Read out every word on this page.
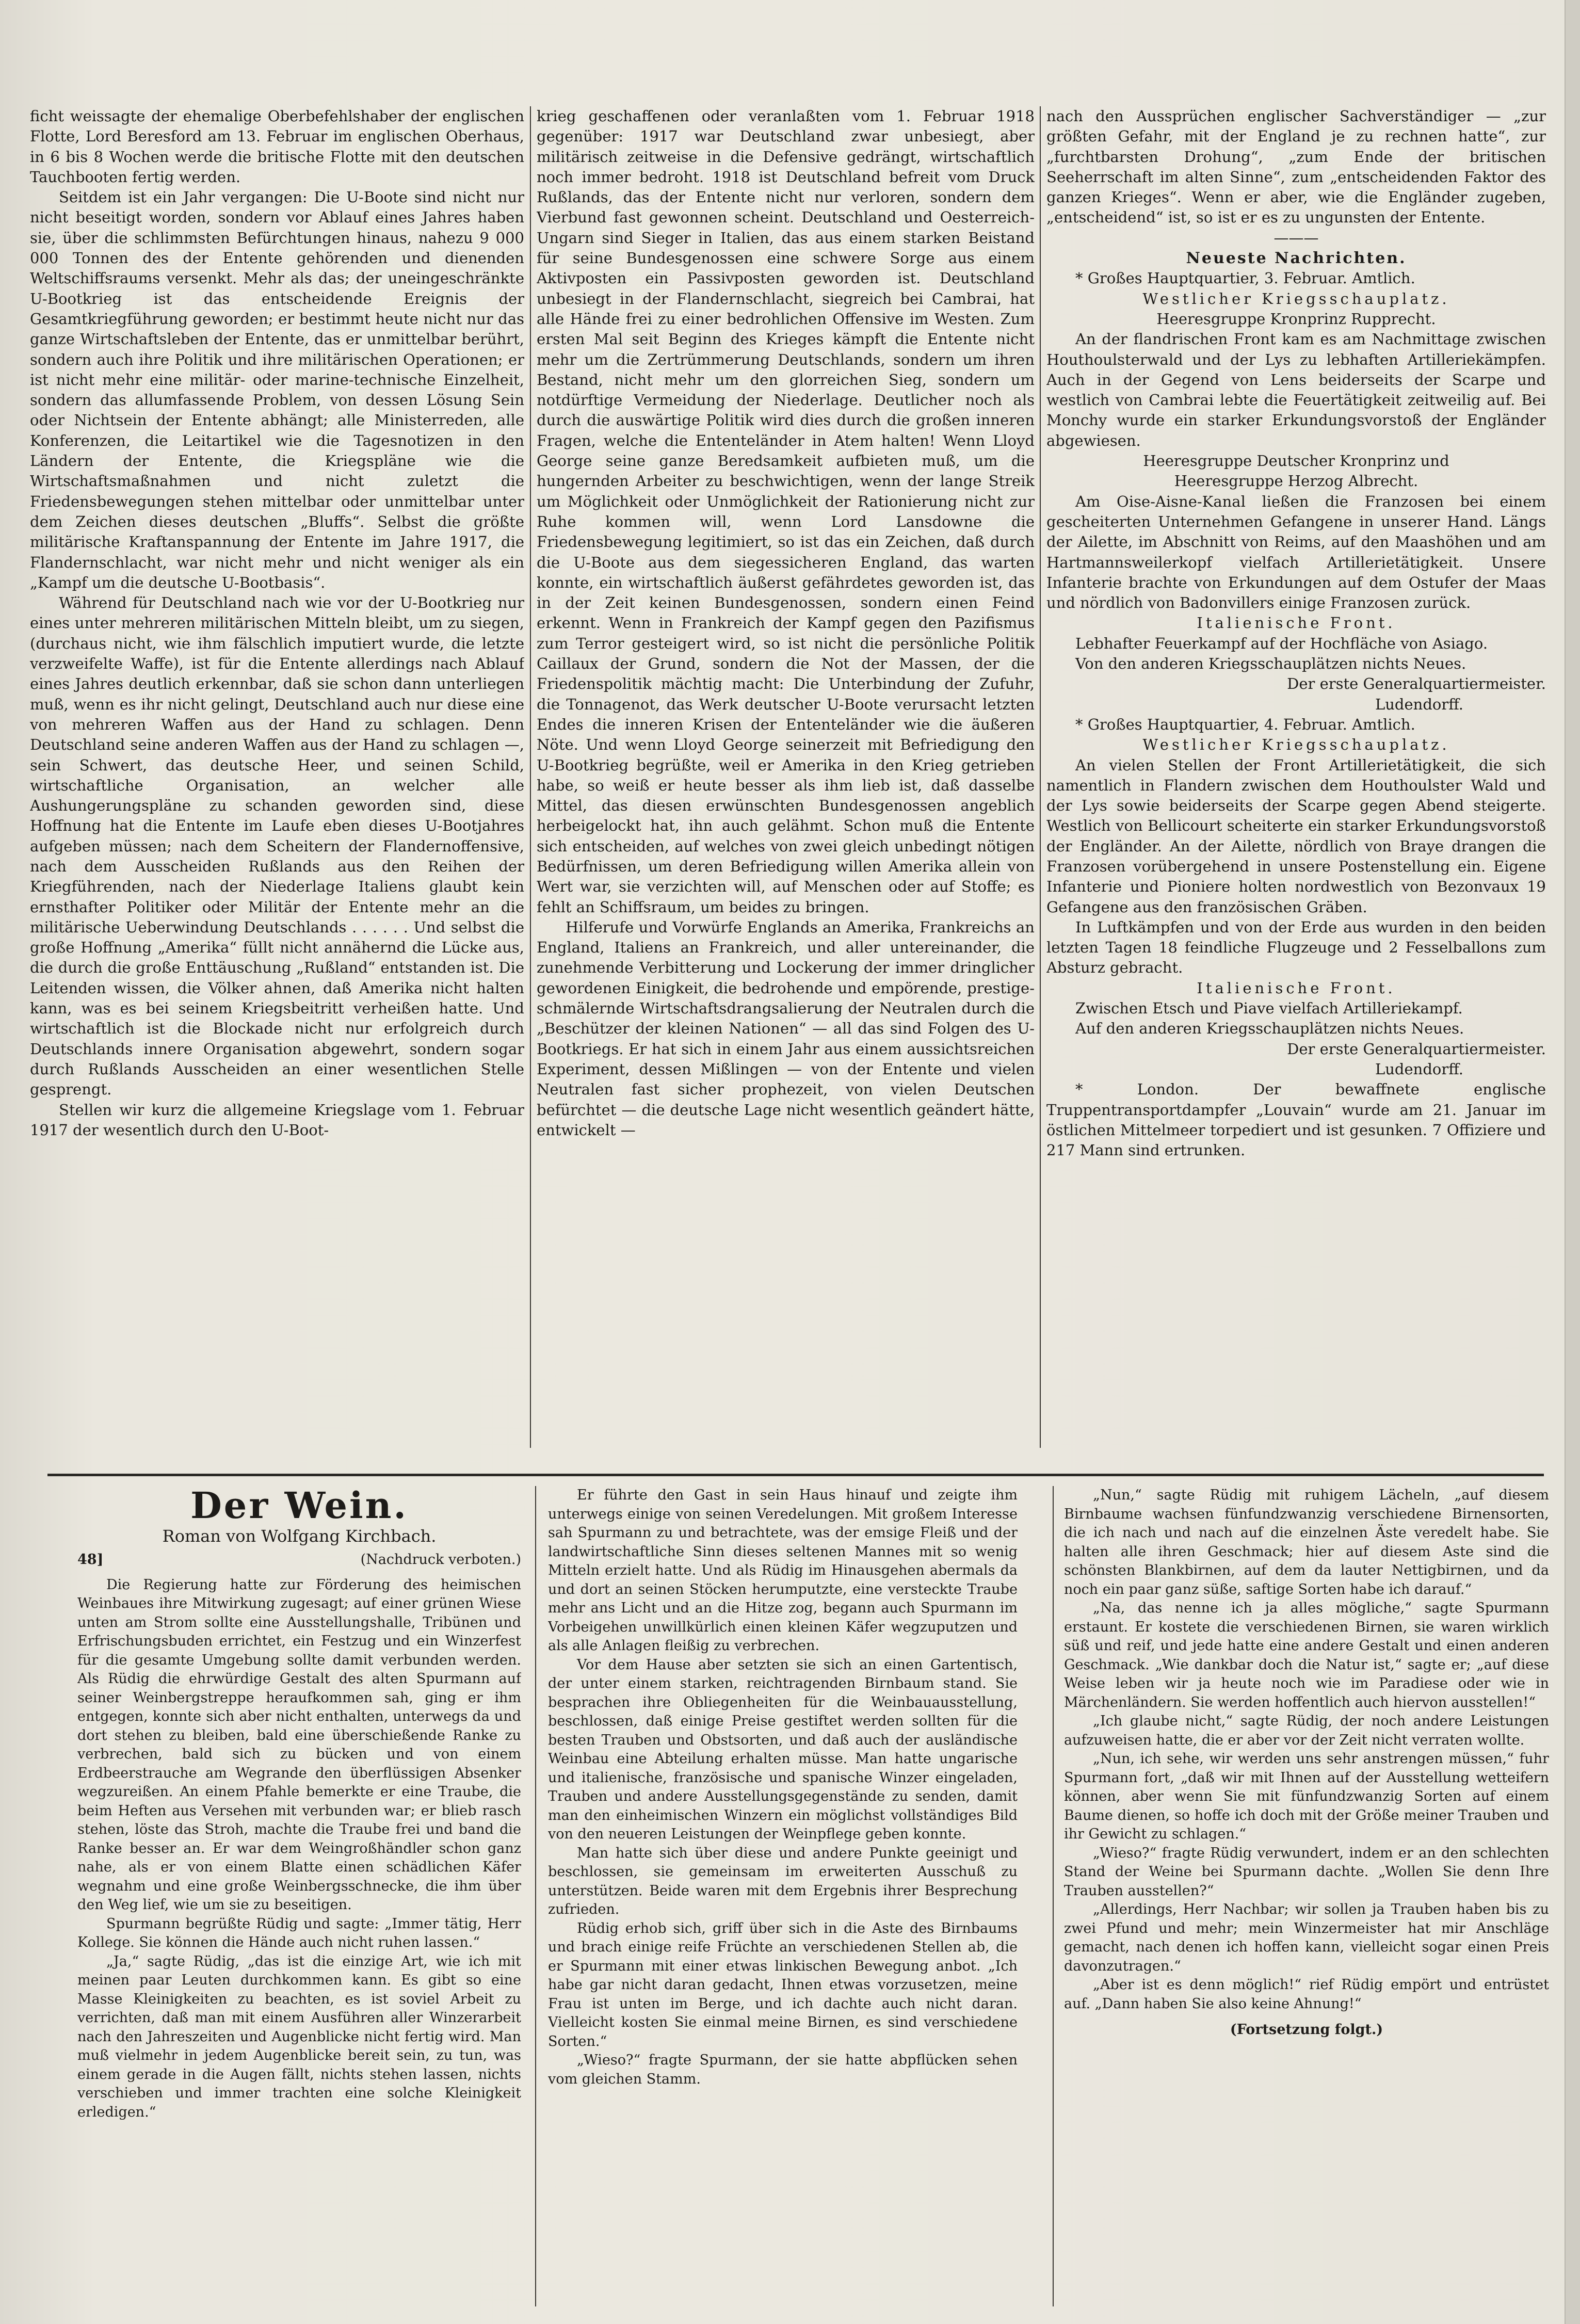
ficht weissagte der ehemalige Oberbefehlshaber der englischen Flotte, Lord Beresford am 13. Februar im englischen Oberhaus, in 6 bis 8 Wochen werde die britische Flotte mit den deutschen Tauchbooten fertig werden.

Seitdem ist ein Jahr vergangen: Die U-Boote sind nicht nur nicht beseitigt worden, sondern vor Ablauf eines Jahres haben sie, über die schlimmsten Befürchtungen hinaus, nahezu 9 000 000 Tonnen des der Entente gehörenden und dienenden Weltschiffsraums versenkt. Mehr als das; der uneingeschränkte U-Bootkrieg ist das entscheidende Ereignis der Gesamtkriegführung geworden; er bestimmt heute nicht nur das ganze Wirtschaftsleben der Entente, das er unmittelbar berührt, sondern auch ihre Politik und ihre militärischen Operationen; er ist nicht mehr eine militär- oder marine-technische Einzelheit, sondern das allumfassende Problem, von dessen Lösung Sein oder Nichtsein der Entente abhängt; alle Ministerreden, alle Konferenzen, die Leitartikel wie die Tagesnotizen in den Ländern der Entente, die Kriegspläne wie die Wirtschaftsmaßnahmen und nicht zuletzt die Friedensbewegungen stehen mittelbar oder unmittelbar unter dem Zeichen dieses deutschen „Bluffs“. Selbst die größte militärische Kraftanspannung der Entente im Jahre 1917, die Flandernschlacht, war nicht mehr und nicht weniger als ein „Kampf um die deutsche U-Bootbasis“.

Während für Deutschland nach wie vor der U-Bootkrieg nur eines unter mehreren militärischen Mitteln bleibt, um zu siegen, (durchaus nicht, wie ihm fälschlich imputiert wurde, die letzte verzweifelte Waffe), ist für die Entente allerdings nach Ablauf eines Jahres deutlich erkennbar, daß sie schon dann unterliegen muß, wenn es ihr nicht gelingt, Deutschland auch nur diese eine von mehreren Waffen aus der Hand zu schlagen. Denn Deutschland seine anderen Waffen aus der Hand zu schlagen —, sein Schwert, das deutsche Heer, und seinen Schild, wirtschaftliche Organisation, an welcher alle Aushungerungspläne zu schanden geworden sind, diese Hoffnung hat die Entente im Laufe eben dieses U-Bootjahres aufgeben müssen; nach dem Scheitern der Flandernoffensive, nach dem Ausscheiden Rußlands aus den Reihen der Kriegführenden, nach der Niederlage Italiens glaubt kein ernsthafter Politiker oder Militär der Entente mehr an die militärische Ueberwindung Deutschlands . . . . . . Und selbst die große Hoffnung „Amerika“ füllt nicht annähernd die Lücke aus, die durch die große Enttäuschung „Rußland“ entstanden ist. Die Leitenden wissen, die Völker ahnen, daß Amerika nicht halten kann, was es bei seinem Kriegsbeitritt verheißen hatte. Und wirtschaftlich ist die Blockade nicht nur erfolgreich durch Deutschlands innere Organisation abgewehrt, sondern sogar durch Rußlands Ausscheiden an einer wesentlichen Stelle gesprengt.

Stellen wir kurz die allgemeine Kriegslage vom 1. Februar 1917 der wesentlich durch den U-Boot-

krieg geschaffenen oder veranlaßten vom 1. Februar 1918 gegenüber: 1917 war Deutschland zwar unbesiegt, aber militärisch zeitweise in die Defensive gedrängt, wirtschaftlich noch immer bedroht. 1918 ist Deutschland befreit vom Druck Rußlands, das der Entente nicht nur verloren, sondern dem Vierbund fast gewonnen scheint. Deutschland und Oesterreich-Ungarn sind Sieger in Italien, das aus einem starken Beistand für seine Bundesgenossen eine schwere Sorge aus einem Aktivposten ein Passivposten geworden ist. Deutschland unbesiegt in der Flandernschlacht, siegreich bei Cambrai, hat alle Hände frei zu einer bedrohlichen Offensive im Westen. Zum ersten Mal seit Beginn des Krieges kämpft die Entente nicht mehr um die Zertrümmerung Deutschlands, sondern um ihren Bestand, nicht mehr um den glorreichen Sieg, sondern um notdürftige Vermeidung der Niederlage. Deutlicher noch als durch die auswärtige Politik wird dies durch die großen inneren Fragen, welche die Ententeländer in Atem halten! Wenn Lloyd George seine ganze Beredsamkeit aufbieten muß, um die hungernden Arbeiter zu beschwichtigen, wenn der lange Streik um Möglichkeit oder Unmöglichkeit der Rationierung nicht zur Ruhe kommen will, wenn Lord Lansdowne die Friedensbewegung legitimiert, so ist das ein Zeichen, daß durch die U-Boote aus dem siegessicheren England, das warten konnte, ein wirtschaftlich äußerst gefährdetes geworden ist, das in der Zeit keinen Bundesgenossen, sondern einen Feind erkennt. Wenn in Frankreich der Kampf gegen den Pazifismus zum Terror gesteigert wird, so ist nicht die persönliche Politik Caillaux der Grund, sondern die Not der Massen, der die Friedenspolitik mächtig macht: Die Unterbindung der Zufuhr, die Tonnagenot, das Werk deutscher U-Boote verursacht letzten Endes die inneren Krisen der Ententeländer wie die äußeren Nöte. Und wenn Lloyd George seinerzeit mit Befriedigung den U-Bootkrieg begrüßte, weil er Amerika in den Krieg getrieben habe, so weiß er heute besser als ihm lieb ist, daß dasselbe Mittel, das diesen erwünschten Bundesgenossen angeblich herbeigelockt hat, ihn auch gelähmt. Schon muß die Entente sich entscheiden, auf welches von zwei gleich unbedingt nötigen Bedürfnissen, um deren Befriedigung willen Amerika allein von Wert war, sie verzichten will, auf Menschen oder auf Stoffe; es fehlt an Schiffsraum, um beides zu bringen.

Hilferufe und Vorwürfe Englands an Amerika, Frankreichs an England, Italiens an Frankreich, und aller untereinander, die zunehmende Verbitterung und Lockerung der immer dringlicher gewordenen Einigkeit, die bedrohende und empörende, prestige-schmälernde Wirtschaftsdrangsalierung der Neutralen durch die „Beschützer der kleinen Nationen“ — all das sind Folgen des U-Bootkriegs. Er hat sich in einem Jahr aus einem aussichtsreichen Experiment, dessen Mißlingen — von der Entente und vielen Neutralen fast sicher prophezeit, von vielen Deutschen befürchtet — die deutsche Lage nicht wesentlich geändert hätte, entwickelt —

nach den Aussprüchen englischer Sachverständiger — „zur größten Gefahr, mit der England je zu rechnen hatte“, zur „furchtbarsten Drohung“, „zum Ende der britischen Seeherrschaft im alten Sinne“, zum „entscheidenden Faktor des ganzen Krieges“. Wenn er aber, wie die Engländer zugeben, „entscheidend“ ist, so ist er es zu ungunsten der Entente.

———

Neueste Nachrichten.

* Großes Hauptquartier, 3. Februar. Amtlich.

Westlicher Kriegsschauplatz.

Heeresgruppe Kronprinz Rupprecht.

An der flandrischen Front kam es am Nachmittage zwischen Houthoulsterwald und der Lys zu lebhaften Artilleriekämpfen. Auch in der Gegend von Lens beiderseits der Scarpe und westlich von Cambrai lebte die Feuertätigkeit zeitweilig auf. Bei Monchy wurde ein starker Erkundungsvorstoß der Engländer abgewiesen.

Heeresgruppe Deutscher Kronprinz und

Heeresgruppe Herzog Albrecht.

Am Oise-Aisne-Kanal ließen die Franzosen bei einem gescheiterten Unternehmen Gefangene in unserer Hand. Längs der Ailette, im Abschnitt von Reims, auf den Maashöhen und am Hartmannsweilerkopf vielfach Artillerietätigkeit. Unsere Infanterie brachte von Erkundungen auf dem Ostufer der Maas und nördlich von Badonvillers einige Franzosen zurück.

Italienische Front.

Lebhafter Feuerkampf auf der Hochfläche von Asiago.

Von den anderen Kriegsschauplätzen nichts Neues.

Der erste Generalquartiermeister.

Ludendorff.

* Großes Hauptquartier, 4. Februar. Amtlich.

Westlicher Kriegsschauplatz.

An vielen Stellen der Front Artillerietätigkeit, die sich namentlich in Flandern zwischen dem Houthoulster Wald und der Lys sowie beiderseits der Scarpe gegen Abend steigerte. Westlich von Bellicourt scheiterte ein starker Erkundungsvorstoß der Engländer. An der Ailette, nördlich von Braye drangen die Franzosen vorübergehend in unsere Postenstellung ein. Eigene Infanterie und Pioniere holten nordwestlich von Bezonvaux 19 Gefangene aus den französischen Gräben.

In Luftkämpfen und von der Erde aus wurden in den beiden letzten Tagen 18 feindliche Flugzeuge und 2 Fesselballons zum Absturz gebracht.

Italienische Front.

Zwischen Etsch und Piave vielfach Artilleriekampf.

Auf den anderen Kriegsschauplätzen nichts Neues.

Der erste Generalquartiermeister.

Ludendorff.

* London. Der bewaffnete englische Truppentransportdampfer „Louvain“ wurde am 21. Januar im östlichen Mittelmeer torpediert und ist gesunken. 7 Offiziere und 217 Mann sind ertrunken.

Der Wein.

Roman von Wolfgang Kirchbach.

48]	(Nachdruck verboten.)

Die Regierung hatte zur Förderung des heimischen Weinbaues ihre Mitwirkung zugesagt; auf einer grünen Wiese unten am Strom sollte eine Ausstellungshalle, Tribünen und Erfrischungsbuden errichtet, ein Festzug und ein Winzerfest für die gesamte Umgebung sollte damit verbunden werden. Als Rüdig die ehrwürdige Gestalt des alten Spurmann auf seiner Weinbergstreppe heraufkommen sah, ging er ihm entgegen, konnte sich aber nicht enthalten, unterwegs da und dort stehen zu bleiben, bald eine überschießende Ranke zu verbrechen, bald sich zu bücken und von einem Erdbeerstrauche am Wegrande den überflüssigen Absenker wegzureißen. An einem Pfahle bemerkte er eine Traube, die beim Heften aus Versehen mit verbunden war; er blieb rasch stehen, löste das Stroh, machte die Traube frei und band die Ranke besser an. Er war dem Weingroßhändler schon ganz nahe, als er von einem Blatte einen schädlichen Käfer wegnahm und eine große Weinbergsschnecke, die ihm über den Weg lief, wie um sie zu beseitigen.

Spurmann begrüßte Rüdig und sagte: „Immer tätig, Herr Kollege. Sie können die Hände auch nicht ruhen lassen.“

„Ja,“ sagte Rüdig, „das ist die einzige Art, wie ich mit meinen paar Leuten durchkommen kann. Es gibt so eine Masse Kleinigkeiten zu beachten, es ist soviel Arbeit zu verrichten, daß man mit einem Ausführen aller Winzerarbeit nach den Jahreszeiten und Augenblicke nicht fertig wird. Man muß vielmehr in jedem Augenblicke bereit sein, zu tun, was einem gerade in die Augen fällt, nichts stehen lassen, nichts verschieben und immer trachten eine solche Kleinigkeit erledigen.“

Er führte den Gast in sein Haus hinauf und zeigte ihm unterwegs einige von seinen Veredelungen. Mit großem Interesse sah Spurmann zu und betrachtete, was der emsige Fleiß und der landwirtschaftliche Sinn dieses seltenen Mannes mit so wenig Mitteln erzielt hatte. Und als Rüdig im Hinausgehen abermals da und dort an seinen Stöcken herumputzte, eine versteckte Traube mehr ans Licht und an die Hitze zog, begann auch Spurmann im Vorbeigehen unwillkürlich einen kleinen Käfer wegzuputzen und als alle Anlagen fleißig zu verbrechen.

Vor dem Hause aber setzten sie sich an einen Gartentisch, der unter einem starken, reichtragenden Birnbaum stand. Sie besprachen ihre Obliegenheiten für die Weinbauausstellung, beschlossen, daß einige Preise gestiftet werden sollten für die besten Trauben und Obstsorten, und daß auch der ausländische Weinbau eine Abteilung erhalten müsse. Man hatte ungarische und italienische, französische und spanische Winzer eingeladen, Trauben und andere Ausstellungsgegenstände zu senden, damit man den einheimischen Winzern ein möglichst vollständiges Bild von den neueren Leistungen der Weinpflege geben konnte.

Man hatte sich über diese und andere Punkte geeinigt und beschlossen, sie gemeinsam im erweiterten Ausschuß zu unterstützen. Beide waren mit dem Ergebnis ihrer Besprechung zufrieden.

Rüdig erhob sich, griff über sich in die Aste des Birnbaums und brach einige reife Früchte an verschiedenen Stellen ab, die er Spurmann mit einer etwas linkischen Bewegung anbot. „Ich habe gar nicht daran gedacht, Ihnen etwas vorzusetzen, meine Frau ist unten im Berge, und ich dachte auch nicht daran. Vielleicht kosten Sie einmal meine Birnen, es sind verschiedene Sorten.“

„Wieso?“ fragte Spurmann, der sie hatte abpflücken sehen vom gleichen Stamm.

„Nun,“ sagte Rüdig mit ruhigem Lächeln, „auf diesem Birnbaume wachsen fünfundzwanzig verschiedene Birnensorten, die ich nach und nach auf die einzelnen Äste veredelt habe. Sie halten alle ihren Geschmack; hier auf diesem Aste sind die schönsten Blankbirnen, auf dem da lauter Nettigbirnen, und da noch ein paar ganz süße, saftige Sorten habe ich darauf.“

„Na, das nenne ich ja alles mögliche,“ sagte Spurmann erstaunt. Er kostete die verschiedenen Birnen, sie waren wirklich süß und reif, und jede hatte eine andere Gestalt und einen anderen Geschmack. „Wie dankbar doch die Natur ist,“ sagte er; „auf diese Weise leben wir ja heute noch wie im Paradiese oder wie in Märchenländern. Sie werden hoffentlich auch hiervon ausstellen!“

„Ich glaube nicht,“ sagte Rüdig, der noch andere Leistungen aufzuweisen hatte, die er aber vor der Zeit nicht verraten wollte.

„Nun, ich sehe, wir werden uns sehr anstrengen müssen,“ fuhr Spurmann fort, „daß wir mit Ihnen auf der Ausstellung wetteifern können, aber wenn Sie mit fünfundzwanzig Sorten auf einem Baume dienen, so hoffe ich doch mit der Größe meiner Trauben und ihr Gewicht zu schlagen.“

„Wieso?“ fragte Rüdig verwundert, indem er an den schlechten Stand der Weine bei Spurmann dachte. „Wollen Sie denn Ihre Trauben ausstellen?“

„Allerdings, Herr Nachbar; wir sollen ja Trauben haben bis zu zwei Pfund und mehr; mein Winzermeister hat mir Anschläge gemacht, nach denen ich hoffen kann, vielleicht sogar einen Preis davonzutragen.“

„Aber ist es denn möglich!“ rief Rüdig empört und entrüstet auf. „Dann haben Sie also keine Ahnung!“

(Fortsetzung folgt.)
